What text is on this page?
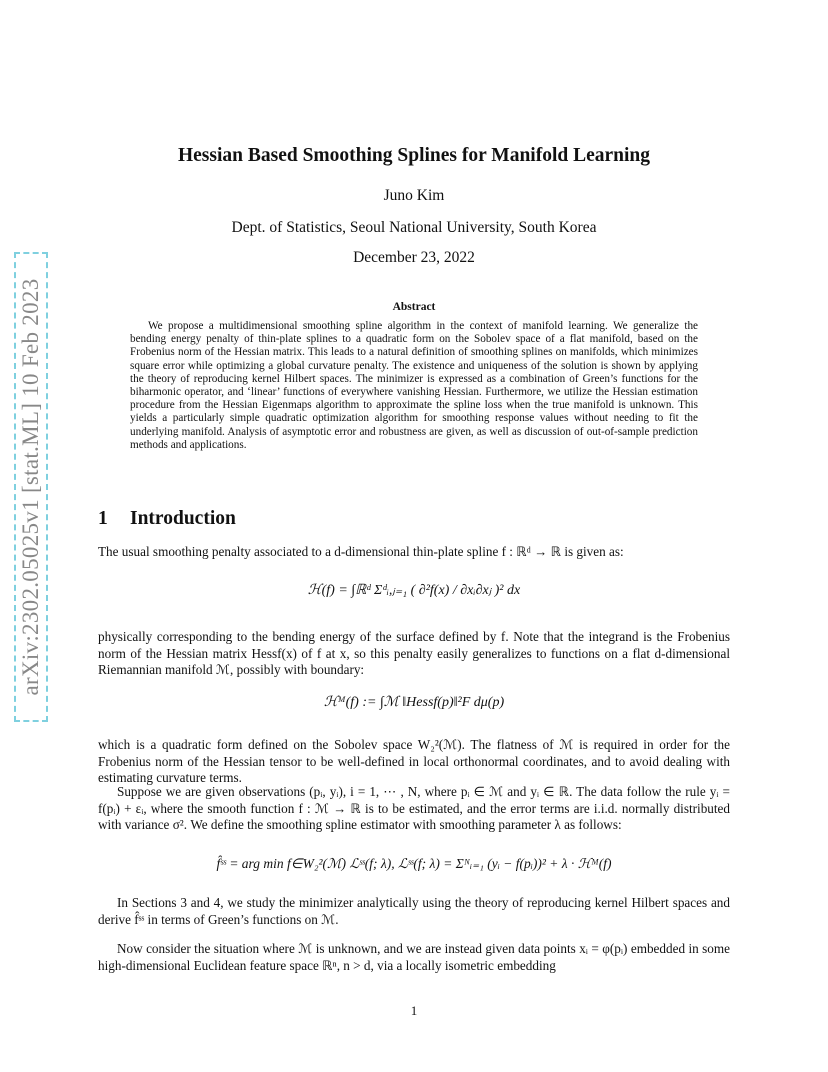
arXiv:2302.05025v1 [stat.ML] 10 Feb 2023
Hessian Based Smoothing Splines for Manifold Learning
Juno Kim
Dept. of Statistics, Seoul National University, South Korea
December 23, 2022
Abstract
We propose a multidimensional smoothing spline algorithm in the context of manifold learning. We generalize the bending energy penalty of thin-plate splines to a quadratic form on the Sobolev space of a flat manifold, based on the Frobenius norm of the Hessian matrix. This leads to a natural definition of smoothing splines on manifolds, which minimizes square error while optimizing a global curvature penalty. The existence and uniqueness of the solution is shown by applying the theory of reproducing kernel Hilbert spaces. The minimizer is expressed as a combination of Green’s functions for the biharmonic operator, and ‘linear’ functions of everywhere vanishing Hessian. Furthermore, we utilize the Hessian estimation procedure from the Hessian Eigenmaps algorithm to approximate the spline loss when the true manifold is unknown. This yields a particularly simple quadratic optimization algorithm for smoothing response values without needing to fit the underlying manifold. Analysis of asymptotic error and robustness are given, as well as discussion of out-of-sample prediction methods and applications.
1 Introduction
The usual smoothing penalty associated to a d-dimensional thin-plate spline f : ℝᵈ → ℝ is given as:
ℋ(f) = ∫ℝᵈ Σᵈᵢ,ⱼ₌₁ ( ∂²f(x) / ∂xᵢ∂xⱼ )² dx
physically corresponding to the bending energy of the surface defined by f. Note that the integrand is the Frobenius norm of the Hessian matrix Hessf(x) of f at x, so this penalty easily generalizes to functions on a flat d-dimensional Riemannian manifold ℳ, possibly with boundary:
ℋᴹ(f) := ∫ℳ ‖Hessf(p)‖²F dμ(p)
which is a quadratic form defined on the Sobolev space W₂²(ℳ). The flatness of ℳ is required in order for the Frobenius norm of the Hessian tensor to be well-defined in local orthonormal coordinates, and to avoid dealing with estimating curvature terms.
Suppose we are given observations (pᵢ, yᵢ), i = 1, ⋯ , N, where pᵢ ∈ ℳ and yᵢ ∈ ℝ. The data follow the rule yᵢ = f(pᵢ) + εᵢ, where the smooth function f : ℳ → ℝ is to be estimated, and the error terms are i.i.d. normally distributed with variance σ². We define the smoothing spline estimator with smoothing parameter λ as follows:
f̂ˢˢ = arg min f∈W₂²(ℳ) ℒˢˢ(f; λ), ℒˢˢ(f; λ) = Σᴺᵢ₌₁ (yᵢ − f(pᵢ))² + λ · ℋᴹ(f)
In Sections 3 and 4, we study the minimizer analytically using the theory of reproducing kernel Hilbert spaces and derive f̂ˢˢ in terms of Green’s functions on ℳ.
Now consider the situation where ℳ is unknown, and we are instead given data points xᵢ = φ(pᵢ) embedded in some high-dimensional Euclidean feature space ℝⁿ, n > d, via a locally isometric embedding
1
